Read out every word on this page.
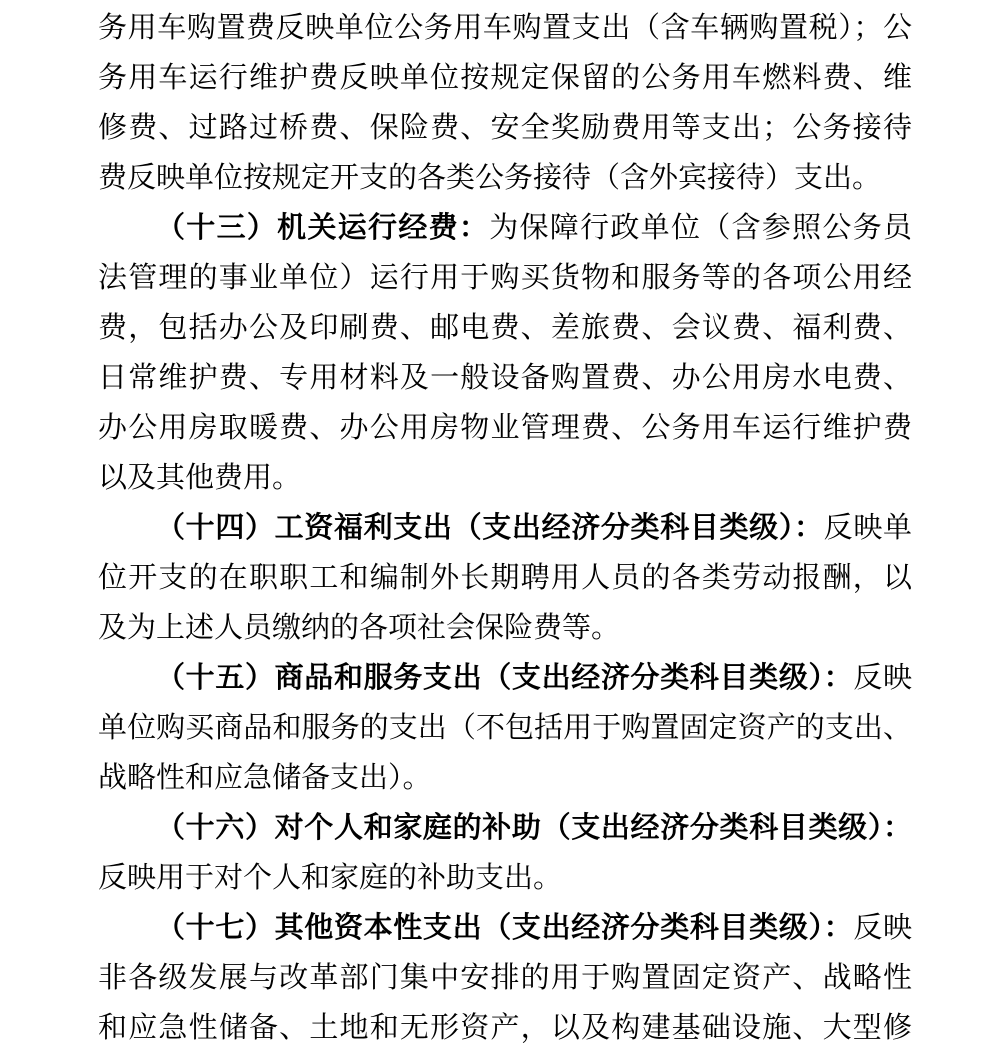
务用车购置费反映单位公务用车购置支出（含车辆购置税）；公
务用车运行维护费反映单位按规定保留的公务用车燃料费、维
修费、过路过桥费、保险费、安全奖励费用等支出；公务接待
费反映单位按规定开支的各类公务接待（含外宾接待）支出。
（十三）机关运行经费：为保障行政单位（含参照公务员
法管理的事业单位）运行用于购买货物和服务等的各项公用经
费，包括办公及印刷费、邮电费、差旅费、会议费、福利费、
日常维护费、专用材料及一般设备购置费、办公用房水电费、
办公用房取暖费、办公用房物业管理费、公务用车运行维护费
以及其他费用。
（十四）工资福利支出（支出经济分类科目类级）：反映单
位开支的在职职工和编制外长期聘用人员的各类劳动报酬，以
及为上述人员缴纳的各项社会保险费等。
（十五）商品和服务支出（支出经济分类科目类级）：反映
单位购买商品和服务的支出（不包括用于购置固定资产的支出、
战略性和应急储备支出）。
（十六）对个人和家庭的补助（支出经济分类科目类级）：
反映用于对个人和家庭的补助支出。
（十七）其他资本性支出（支出经济分类科目类级）：反映
非各级发展与改革部门集中安排的用于购置固定资产、战略性
和应急性储备、土地和无形资产，以及构建基础设施、大型修
